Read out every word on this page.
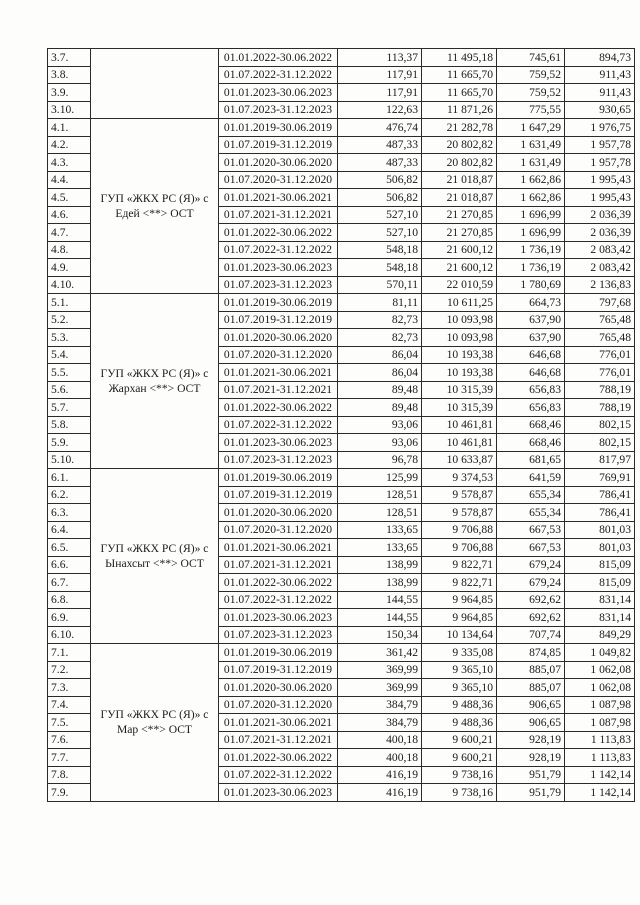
3.7.		01.01.2022-30.06.2022	113,37	11 495,18	745,61	894,73
3.8.		01.07.2022-31.12.2022	117,91	11 665,70	759,52	911,43
3.9.		01.01.2023-30.06.2023	117,91	11 665,70	759,52	911,43
3.10.		01.07.2023-31.12.2023	122,63	11 871,26	775,55	930,65
4.1.	ГУП «ЖКХ РС (Я)» с Едей <**> ОСТ	01.01.2019-30.06.2019	476,74	21 282,78	1 647,29	1 976,75
4.2.		01.07.2019-31.12.2019	487,33	20 802,82	1 631,49	1 957,78
4.3.		01.01.2020-30.06.2020	487,33	20 802,82	1 631,49	1 957,78
4.4.		01.07.2020-31.12.2020	506,82	21 018,87	1 662,86	1 995,43
4.5.		01.01.2021-30.06.2021	506,82	21 018,87	1 662,86	1 995,43
4.6.		01.07.2021-31.12.2021	527,10	21 270,85	1 696,99	2 036,39
4.7.		01.01.2022-30.06.2022	527,10	21 270,85	1 696,99	2 036,39
4.8.		01.07.2022-31.12.2022	548,18	21 600,12	1 736,19	2 083,42
4.9.		01.01.2023-30.06.2023	548,18	21 600,12	1 736,19	2 083,42
4.10.		01.07.2023-31.12.2023	570,11	22 010,59	1 780,69	2 136,83
5.1.	ГУП «ЖКХ РС (Я)» с Жархан <**> ОСТ	01.01.2019-30.06.2019	81,11	10 611,25	664,73	797,68
5.2.		01.07.2019-31.12.2019	82,73	10 093,98	637,90	765,48
5.3.		01.01.2020-30.06.2020	82,73	10 093,98	637,90	765,48
5.4.		01.07.2020-31.12.2020	86,04	10 193,38	646,68	776,01
5.5.		01.01.2021-30.06.2021	86,04	10 193,38	646,68	776,01
5.6.		01.07.2021-31.12.2021	89,48	10 315,39	656,83	788,19
5.7.		01.01.2022-30.06.2022	89,48	10 315,39	656,83	788,19
5.8.		01.07.2022-31.12.2022	93,06	10 461,81	668,46	802,15
5.9.		01.01.2023-30.06.2023	93,06	10 461,81	668,46	802,15
5.10.		01.07.2023-31.12.2023	96,78	10 633,87	681,65	817,97
6.1.	ГУП «ЖКХ РС (Я)» с Ынахсыт <**> ОСТ	01.01.2019-30.06.2019	125,99	9 374,53	641,59	769,91
6.2.		01.07.2019-31.12.2019	128,51	9 578,87	655,34	786,41
6.3.		01.01.2020-30.06.2020	128,51	9 578,87	655,34	786,41
6.4.		01.07.2020-31.12.2020	133,65	9 706,88	667,53	801,03
6.5.		01.01.2021-30.06.2021	133,65	9 706,88	667,53	801,03
6.6.		01.07.2021-31.12.2021	138,99	9 822,71	679,24	815,09
6.7.		01.01.2022-30.06.2022	138,99	9 822,71	679,24	815,09
6.8.		01.07.2022-31.12.2022	144,55	9 964,85	692,62	831,14
6.9.		01.01.2023-30.06.2023	144,55	9 964,85	692,62	831,14
6.10.		01.07.2023-31.12.2023	150,34	10 134,64	707,74	849,29
7.1.	ГУП «ЖКХ РС (Я)» с Мар <**> ОСТ	01.01.2019-30.06.2019	361,42	9 335,08	874,85	1 049,82
7.2.		01.07.2019-31.12.2019	369,99	9 365,10	885,07	1 062,08
7.3.		01.01.2020-30.06.2020	369,99	9 365,10	885,07	1 062,08
7.4.		01.07.2020-31.12.2020	384,79	9 488,36	906,65	1 087,98
7.5.		01.01.2021-30.06.2021	384,79	9 488,36	906,65	1 087,98
7.6.		01.07.2021-31.12.2021	400,18	9 600,21	928,19	1 113,83
7.7.		01.01.2022-30.06.2022	400,18	9 600,21	928,19	1 113,83
7.8.		01.07.2022-31.12.2022	416,19	9 738,16	951,79	1 142,14
7.9.		01.01.2023-30.06.2023	416,19	9 738,16	951,79	1 142,14
